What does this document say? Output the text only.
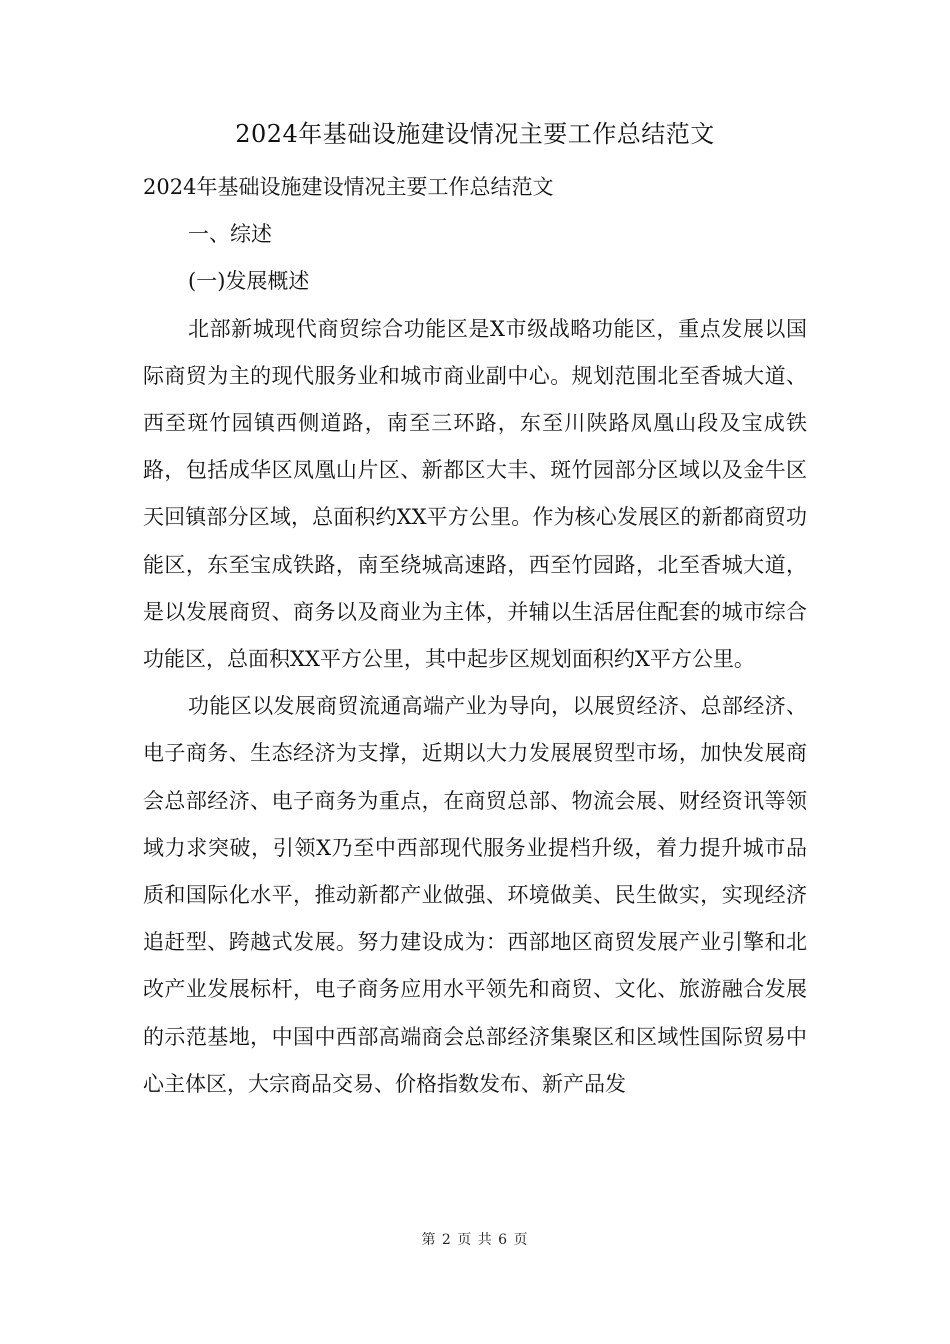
2024年基础设施建设情况主要工作总结范文

2024年基础设施建设情况主要工作总结范文

一、综述

(一)发展概述

北部新城现代商贸综合功能区是X市级战略功能区，重点发展以国际商贸为主的现代服务业和城市商业副中心。规划范围北至香城大道、西至斑竹园镇西侧道路，南至三环路，东至川陕路凤凰山段及宝成铁路，包括成华区凤凰山片区、新都区大丰、斑竹园部分区域以及金牛区天回镇部分区域，总面积约XX平方公里。作为核心发展区的新都商贸功能区，东至宝成铁路，南至绕城高速路，西至竹园路，北至香城大道，是以发展商贸、商务以及商业为主体，并辅以生活居住配套的城市综合功能区，总面积XX平方公里，其中起步区规划面积约X平方公里。

功能区以发展商贸流通高端产业为导向，以展贸经济、总部经济、电子商务、生态经济为支撑，近期以大力发展展贸型市场，加快发展商会总部经济、电子商务为重点，在商贸总部、物流会展、财经资讯等领域力求突破，引领X乃至中西部现代服务业提档升级，着力提升城市品质和国际化水平，推动新都产业做强、环境做美、民生做实，实现经济追赶型、跨越式发展。努力建设成为：西部地区商贸发展产业引擎和北改产业发展标杆，电子商务应用水平领先和商贸、文化、旅游融合发展的示范基地，中国中西部高端商会总部经济集聚区和区域性国际贸易中心主体区，大宗商品交易、价格指数发布、新产品发

第 2 页 共 6 页
